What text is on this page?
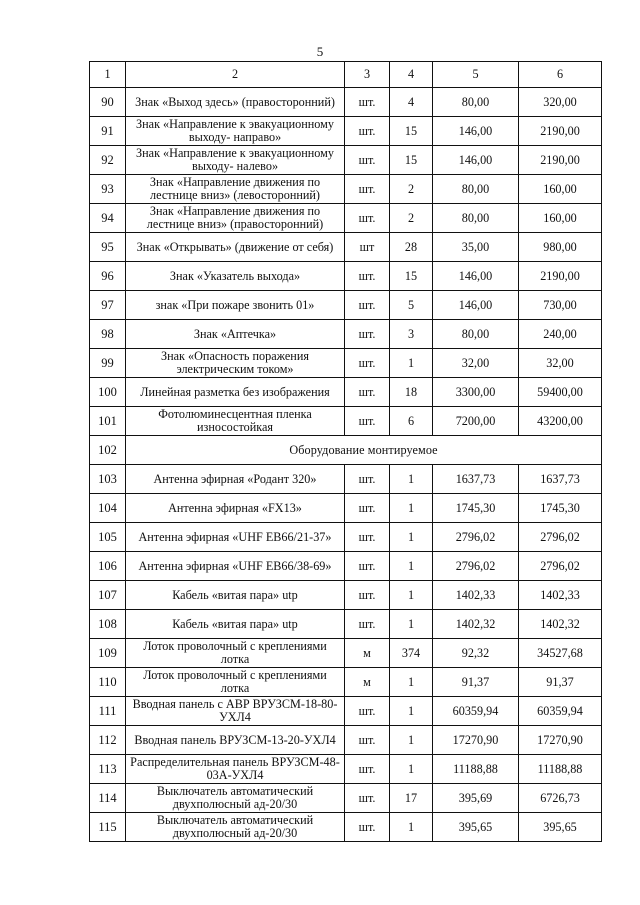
5
1	2	3	4	5	6
90	Знак «Выход здесь» (правосторонний)	шт.	4	80,00	320,00
91	Знак «Направление к эвакуационному выходу- направо»	шт.	15	146,00	2190,00
92	Знак «Направление к эвакуационному выходу- налево»	шт.	15	146,00	2190,00
93	Знак «Направление движения по лестнице вниз» (левосторонний)	шт.	2	80,00	160,00
94	Знак «Направление движения по лестнице вниз» (правосторонний)	шт.	2	80,00	160,00
95	Знак «Открывать» (движение от себя)	шт	28	35,00	980,00
96	Знак «Указатель выхода»	шт.	15	146,00	2190,00
97	знак «При пожаре звонить 01»	шт.	5	146,00	730,00
98	Знак «Аптечка»	шт.	3	80,00	240,00
99	Знак «Опасность поражения электрическим током»	шт.	1	32,00	32,00
100	Линейная разметка без изображения	шт.	18	3300,00	59400,00
101	Фотолюминесцентная пленка износостойкая	шт.	6	7200,00	43200,00
102	Оборудование монтируемое				
103	Антенна эфирная «Родант 320»	шт.	1	1637,73	1637,73
104	Антенна эфирная «FX13»	шт.	1	1745,30	1745,30
105	Антенна эфирная «UHF EB66/21-37»	шт.	1	2796,02	2796,02
106	Антенна эфирная «UHF EB66/38-69»	шт.	1	2796,02	2796,02
107	Кабель «витая пара» utp	шт.	1	1402,33	1402,33
108	Кабель «витая пара» utp	шт.	1	1402,32	1402,32
109	Лоток проволочный с креплениями лотка	м	374	92,32	34527,68
110	Лоток проволочный с креплениями лотка	м	1	91,37	91,37
111	Вводная панель с АВР ВРУЗСМ-18-80-УХЛ4	шт.	1	60359,94	60359,94
112	Вводная панель ВРУЗСМ-13-20-УХЛ4	шт.	1	17270,90	17270,90
113	Распределительная панель ВРУЗСМ-48-03А-УХЛ4	шт.	1	11188,88	11188,88
114	Выключатель автоматический двухполюсный ад-20/30	шт.	17	395,69	6726,73
115	Выключатель автоматический двухполюсный ад-20/30	шт.	1	395,65	395,65
